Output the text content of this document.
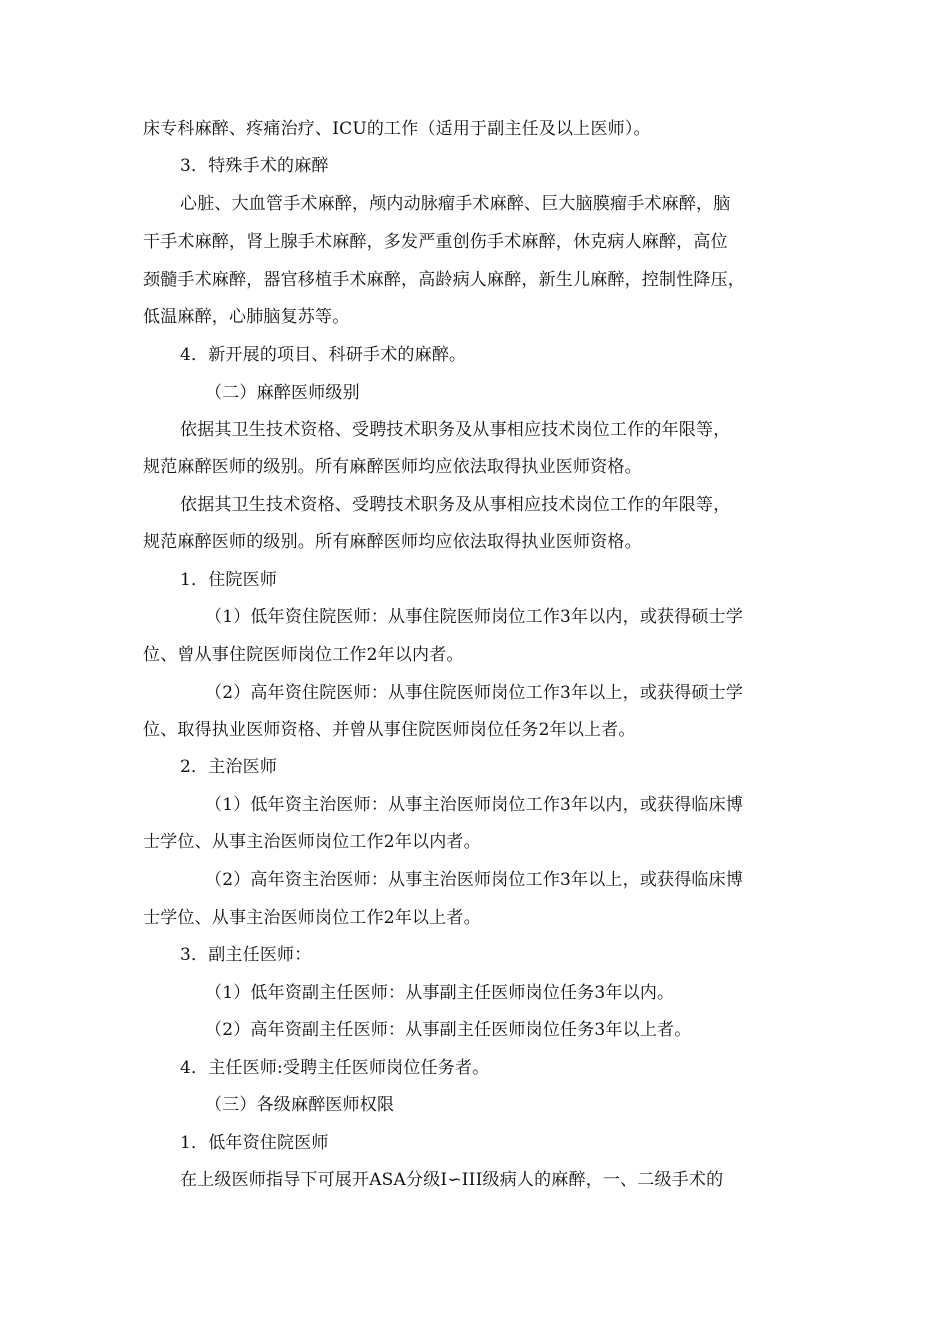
床专科麻醉、疼痛治疗、ICU的工作（适用于副主任及以上医师）。
3．特殊手术的麻醉
心脏、大血管手术麻醉，颅内动脉瘤手术麻醉、巨大脑膜瘤手术麻醉，脑
干手术麻醉，肾上腺手术麻醉，多发严重创伤手术麻醉，休克病人麻醉，高位
颈髓手术麻醉，器官移植手术麻醉，高龄病人麻醉，新生儿麻醉，控制性降压，
低温麻醉，心肺脑复苏等。
4．新开展的项目、科研手术的麻醉。
（二）麻醉医师级别
依据其卫生技术资格、受聘技术职务及从事相应技术岗位工作的年限等，
规范麻醉医师的级别。所有麻醉医师均应依法取得执业医师资格。
依据其卫生技术资格、受聘技术职务及从事相应技术岗位工作的年限等，
规范麻醉医师的级别。所有麻醉医师均应依法取得执业医师资格。
1．住院医师
（1）低年资住院医师：从事住院医师岗位工作3年以内，或获得硕士学
位、曾从事住院医师岗位工作2年以内者。
（2）高年资住院医师：从事住院医师岗位工作3年以上，或获得硕士学
位、取得执业医师资格、并曾从事住院医师岗位任务2年以上者。
2．主治医师
（1）低年资主治医师：从事主治医师岗位工作3年以内，或获得临床博
士学位、从事主治医师岗位工作2年以内者。
（2）高年资主治医师：从事主治医师岗位工作3年以上，或获得临床博
士学位、从事主治医师岗位工作2年以上者。
3．副主任医师：
（1）低年资副主任医师：从事副主任医师岗位任务3年以内。
（2）高年资副主任医师：从事副主任医师岗位任务3年以上者。
4．主任医师:受聘主任医师岗位任务者。
（三）各级麻醉医师权限
1．低年资住院医师
在上级医师指导下可展开ASA分级Ⅰ∽III级病人的麻醉，一、二级手术的
